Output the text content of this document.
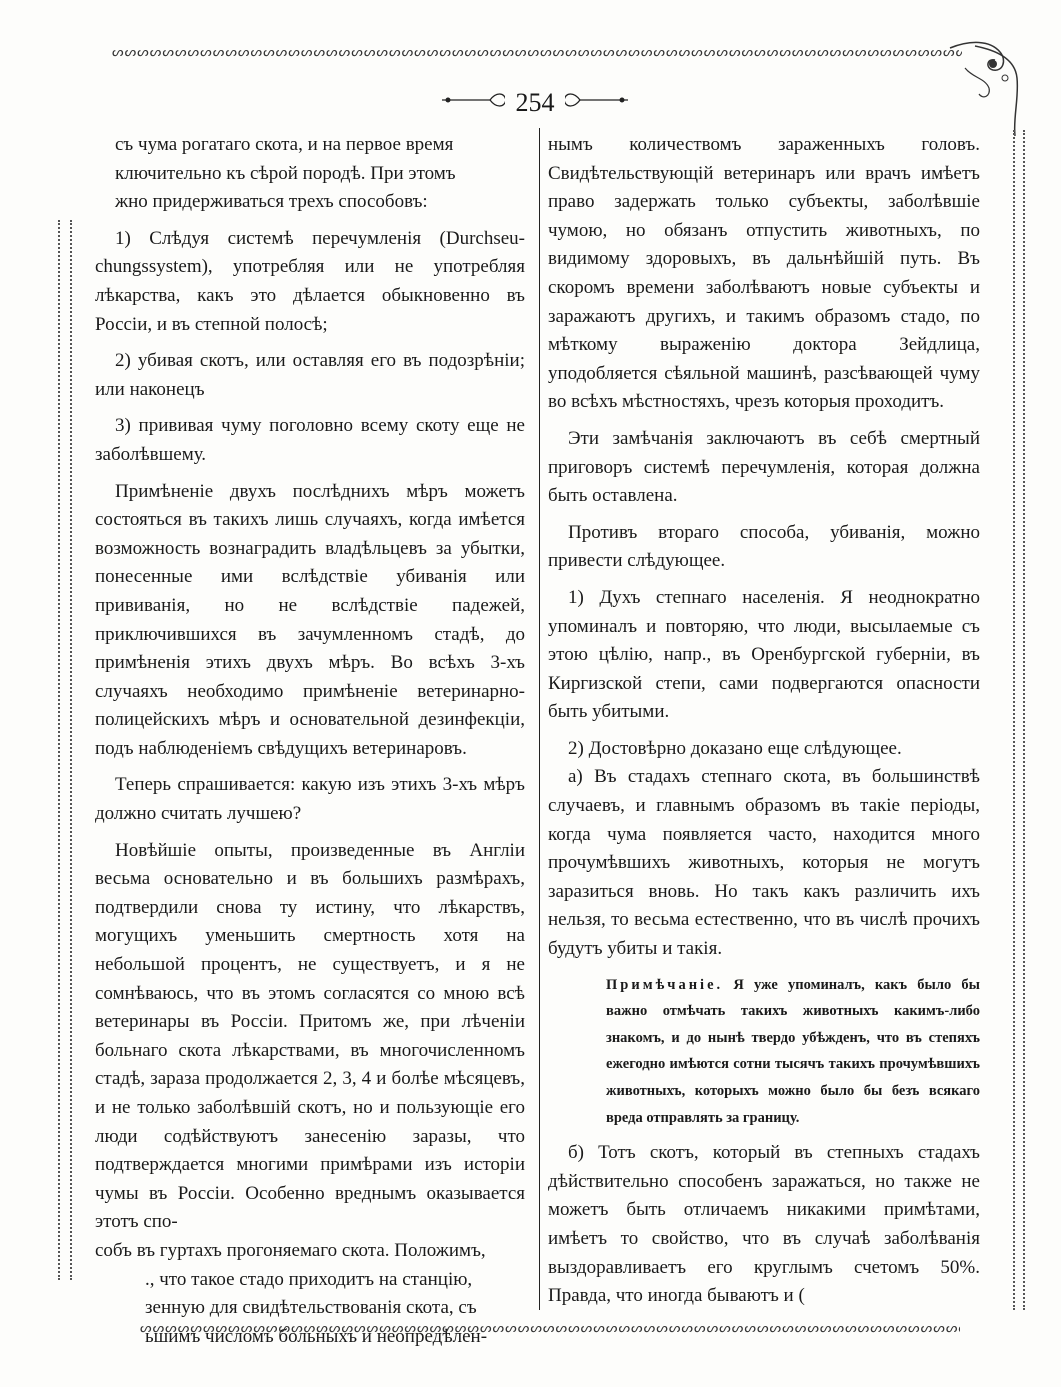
ᔕᔕᔕᔕᔕᔕᔕᔕᔕᔕᔕᔕᔕᔕᔕᔕᔕᔕᔕᔕᔕᔕᔕᔕᔕᔕᔕᔕᔕᔕᔕᔕᔕᔕᔕᔕᔕᔕᔕᔕᔕᔕᔕᔕᔕᔕᔕᔕᔕᔕᔕᔕᔕᔕᔕᔕᔕᔕᔕᔕᔕᔕᔕᔕᔕᔕᔕᔕᔕᔕᔕᔕᔕᔕᔕᔕᔕᔕᔕᔕᔕᔕᔕᔕᔕᔕ
254

съ чума рогатаго скота, и на первое время

ключительно къ сѣрой породѣ. При этомъ

жно придерживаться трехъ способовъ:

1) Слѣдуя системѣ перечумленія (Durchseu-chungssystem), употребляя или не употребляя лѣкарства, какъ это дѣлается обыкновенно въ Россіи, и въ степной полосѣ;

2) убивая скотъ, или оставляя его въ подозрѣніи; или наконецъ

3) прививая чуму поголовно всему скоту еще не заболѣвшему.

Примѣненіе двухъ послѣднихъ мѣръ можетъ состояться въ такихъ лишь случаяхъ, когда имѣется возможность вознаградить владѣльцевъ за убытки, понесенные ими вслѣдствіе убиванія или прививанія, но не вслѣдствіе падежей, приключившихся въ зачумленномъ стадѣ, до примѣненія этихъ двухъ мѣръ. Во всѣхъ 3-хъ случаяхъ необходимо примѣненіе ветеринарно-полицейскихъ мѣръ и основательной дезинфекціи, подъ наблюденіемъ свѣдущихъ ветеринаровъ.

Теперь спрашивается: какую изъ этихъ 3-хъ мѣръ должно считать лучшею?

Новѣйшіе опыты, произведенные въ Англіи весьма основательно и въ большихъ размѣрахъ, подтвердили снова ту истину, что лѣкарствъ, могущихъ уменьшить смертность хотя на небольшой процентъ, не существуетъ, и я не сомнѣваюсь, что въ этомъ согласятся со мною всѣ ветеринары въ Россіи. Притомъ же, при лѣченіи больнаго скота лѣкарствами, въ многочисленномъ стадѣ, зараза продолжается 2, 3, 4 и болѣе мѣсяцевъ, и не только заболѣвшій скотъ, но и пользующіе его люди содѣйствуютъ занесенію заразы, что подтверждается многими примѣрами изъ исторіи чумы въ Россіи. Особенно вреднымъ оказывается этотъ спо-

собъ въ гуртахъ прогоняемаго скота. Положимъ,

., что такое стадо приходитъ на станцію,

зенную для свидѣтельствованія скота, съ

ьшимъ числомъ больныхъ и неопредѣлен-

нымъ количествомъ зараженныхъ головъ. Свидѣтельствующій ветеринаръ или врачъ имѣетъ право задержать только субъекты, заболѣвшіе чумою, но обязанъ отпустить животныхъ, по видимому здоровыхъ, въ дальнѣйшій путь. Въ скоромъ времени заболѣваютъ новые субъекты и заражаютъ другихъ, и такимъ образомъ стадо, по мѣткому выраженію доктора Зейдлица, уподобляется сѣяльной машинѣ, разсѣвающей чуму во всѣхъ мѣстностяхъ, чрезъ которыя проходитъ.

Эти замѣчанія заключаютъ въ себѣ смертный приговоръ системѣ перечумленія, которая должна быть оставлена.

Противъ втораго способа, убиванія, можно привести слѣдующее.

1) Духъ степнаго населенія. Я неоднократно упоминалъ и повторяю, что люди, высылаемые съ этою цѣлію, напр., въ Оренбургской губерніи, въ Киргизской степи, сами подвергаются опасности быть убитыми.

2) Достовѣрно доказано еще слѣдующее.

а) Въ стадахъ степнаго скота, въ большинствѣ случаевъ, и главнымъ образомъ въ такіе періоды, когда чума появляется часто, находится много прочумѣвшихъ животныхъ, которыя не могутъ заразиться вновь. Но такъ какъ различить ихъ нельзя, то весьма естественно, что въ числѣ прочихъ будутъ убиты и такія.

Примѣчаніе. Я уже упоминалъ, какъ было бы важно отмѣчать такихъ животныхъ какимъ-либо знакомъ, и до нынѣ твердо убѣжденъ, что въ степяхъ ежегодно имѣются сотни тысячъ такихъ прочумѣвшихъ животныхъ, которыхъ можно было бы безъ всякаго вреда отправлять за границу.

б) Тотъ скотъ, который въ степныхъ стадахъ дѣйствительно способенъ заражаться, но также не можетъ быть отличаемъ никакими примѣтами, имѣетъ то свойство, что въ случаѣ заболѣванія выздоравливаетъ его круглымъ счетомъ 50%. Правда, что иногда бываютъ и (

ᔕᔕᔕᔕᔕᔕᔕᔕᔕᔕᔕᔕᔕᔕᔕᔕᔕᔕᔕᔕᔕᔕᔕᔕᔕᔕᔕᔕᔕᔕᔕᔕᔕᔕᔕᔕᔕᔕᔕᔕᔕᔕᔕᔕᔕᔕᔕᔕᔕᔕᔕᔕᔕᔕᔕᔕᔕᔕᔕᔕᔕᔕᔕᔕᔕᔕᔕᔕᔕᔕᔕᔕᔕᔕᔕᔕᔕᔕᔕᔕᔕᔕᔕᔕᔕᔕᔕᔕ
